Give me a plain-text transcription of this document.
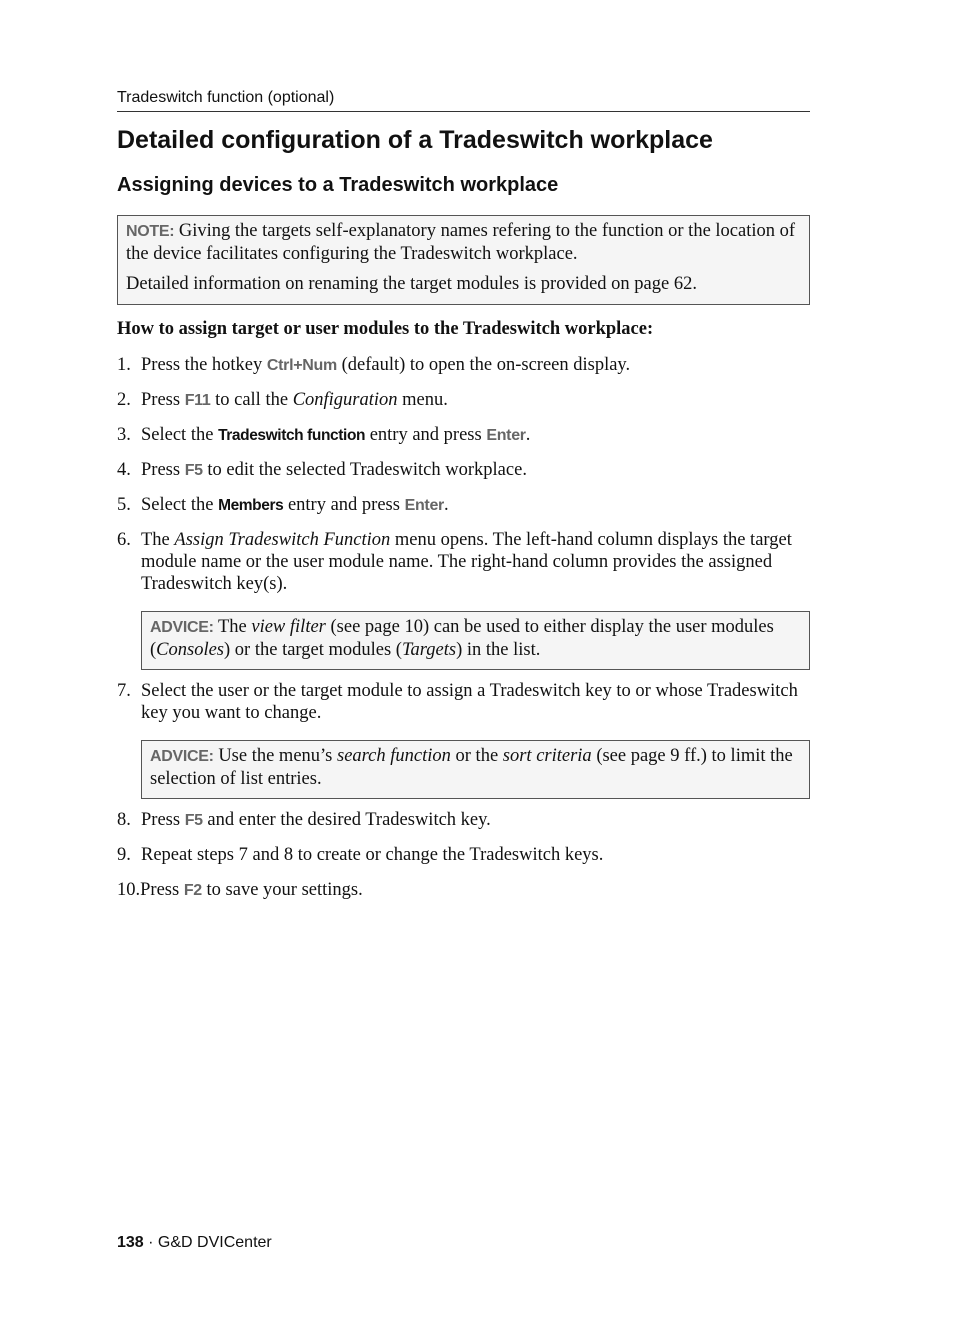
Tradeswitch function (optional)
Detailed configuration of a Tradeswitch workplace
Assigning devices to a Tradeswitch workplace

NOTE: Giving the targets self-explanatory names refering to the function or the location of the device facilitates configuring the Tradeswitch workplace.

Detailed information on renaming the target modules is provided on page 62.

How to assign target or user modules to the Tradeswitch workplace:
1. Press the hotkey Ctrl+Num (default) to open the on-screen display.
2. Press F11 to call the Configuration menu.
3. Select the Tradeswitch function entry and press Enter.
4. Press F5 to edit the selected Tradeswitch workplace.
5. Select the Members entry and press Enter.
6. The Assign Tradeswitch Function menu opens. The left-hand column displays the target module name or the user module name. The right-hand column provides the assigned Tradeswitch key(s).

ADVICE: The view filter (see page 10) can be used to either display the user modules (Consoles) or the target modules (Targets) in the list.

7. Select the user or the target module to assign a Tradeswitch key to or whose Tradeswitch key you want to change.

ADVICE: Use the menu’s search function or the sort criteria (see page 9 ff.) to limit the selection of list entries.

8. Press F5 and enter the desired Tradeswitch key.
9. Repeat steps 7 and 8 to create or change the Tradeswitch keys.
10.Press F2 to save your settings.
138 · G&D DVICenter
